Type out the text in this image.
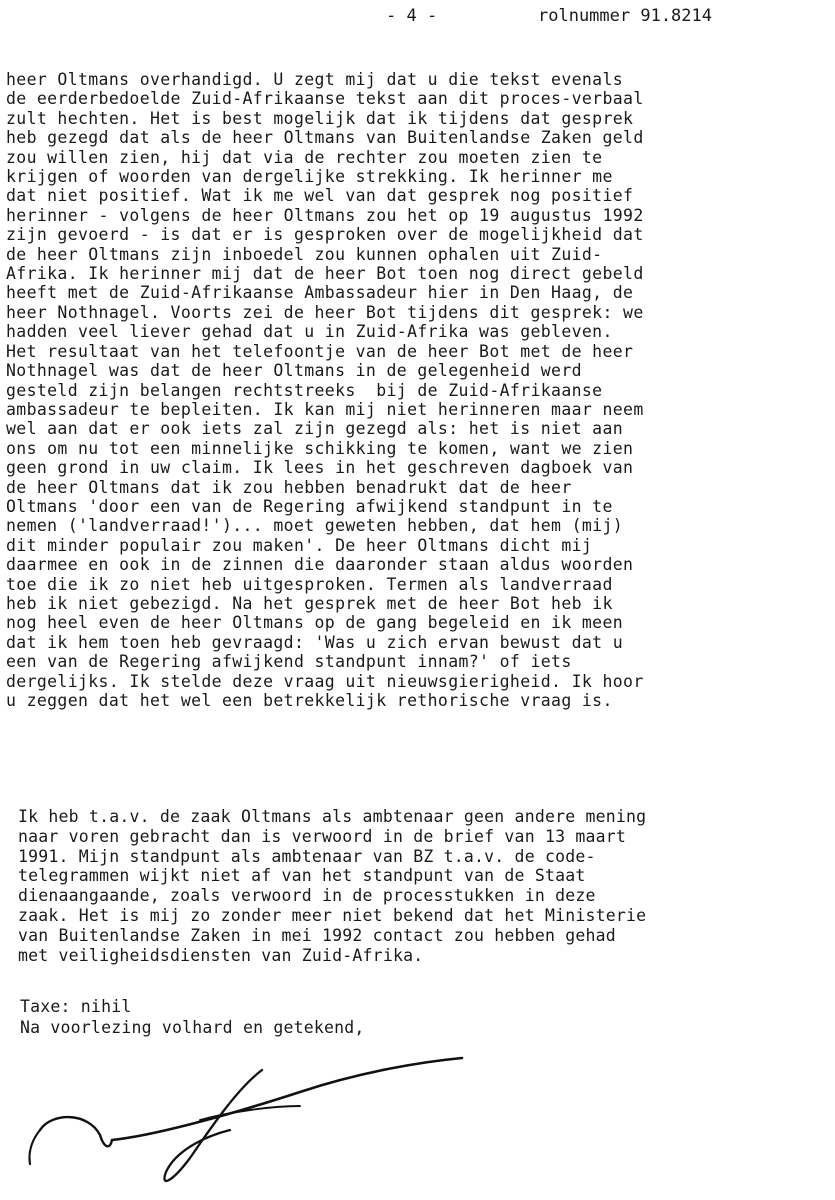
- 4 -	rolnummer 91.8214
heer Oltmans overhandigd. U zegt mij dat u die tekst evenals
de eerderbedoelde Zuid-Afrikaanse tekst aan dit proces-verbaal
zult hechten. Het is best mogelijk dat ik tijdens dat gesprek
heb gezegd dat als de heer Oltmans van Buitenlandse Zaken geld
zou willen zien, hij dat via de rechter zou moeten zien te
krijgen of woorden van dergelijke strekking. Ik herinner me
dat niet positief. Wat ik me wel van dat gesprek nog positief
herinner - volgens de heer Oltmans zou het op 19 augustus 1992
zijn gevoerd - is dat er is gesproken over de mogelijkheid dat
de heer Oltmans zijn inboedel zou kunnen ophalen uit Zuid-
Afrika. Ik herinner mij dat de heer Bot toen nog direct gebeld
heeft met de Zuid-Afrikaanse Ambassadeur hier in Den Haag, de
heer Nothnagel. Voorts zei de heer Bot tijdens dit gesprek: we
hadden veel liever gehad dat u in Zuid-Afrika was gebleven.
Het resultaat van het telefoontje van de heer Bot met de heer
Nothnagel was dat de heer Oltmans in de gelegenheid werd
gesteld zijn belangen rechtstreeks  bij de Zuid-Afrikaanse
ambassadeur te bepleiten. Ik kan mij niet herinneren maar neem
wel aan dat er ook iets zal zijn gezegd als: het is niet aan
ons om nu tot een minnelijke schikking te komen, want we zien
geen grond in uw claim. Ik lees in het geschreven dagboek van
de heer Oltmans dat ik zou hebben benadrukt dat de heer
Oltmans 'door een van de Regering afwijkend standpunt in te
nemen ('landverraad!')... moet geweten hebben, dat hem (mij)
dit minder populair zou maken'. De heer Oltmans dicht mij
daarmee en ook in de zinnen die daaronder staan aldus woorden
toe die ik zo niet heb uitgesproken. Termen als landverraad
heb ik niet gebezigd. Na het gesprek met de heer Bot heb ik
nog heel even de heer Oltmans op de gang begeleid en ik meen
dat ik hem toen heb gevraagd: 'Was u zich ervan bewust dat u
een van de Regering afwijkend standpunt innam?' of iets
dergelijks. Ik stelde deze vraag uit nieuwsgierigheid. Ik hoor
u zeggen dat het wel een betrekkelijk rethorische vraag is.
Ik heb t.a.v. de zaak Oltmans als ambtenaar geen andere mening
naar voren gebracht dan is verwoord in de brief van 13 maart
1991. Mijn standpunt als ambtenaar van BZ t.a.v. de code-
telegrammen wijkt niet af van het standpunt van de Staat
dienaangaande, zoals verwoord in de processtukken in deze
zaak. Het is mij zo zonder meer niet bekend dat het Ministerie
van Buitenlandse Zaken in mei 1992 contact zou hebben gehad
met veiligheidsdiensten van Zuid-Afrika.
Taxe: nihil
Na voorlezing volhard en getekend,
